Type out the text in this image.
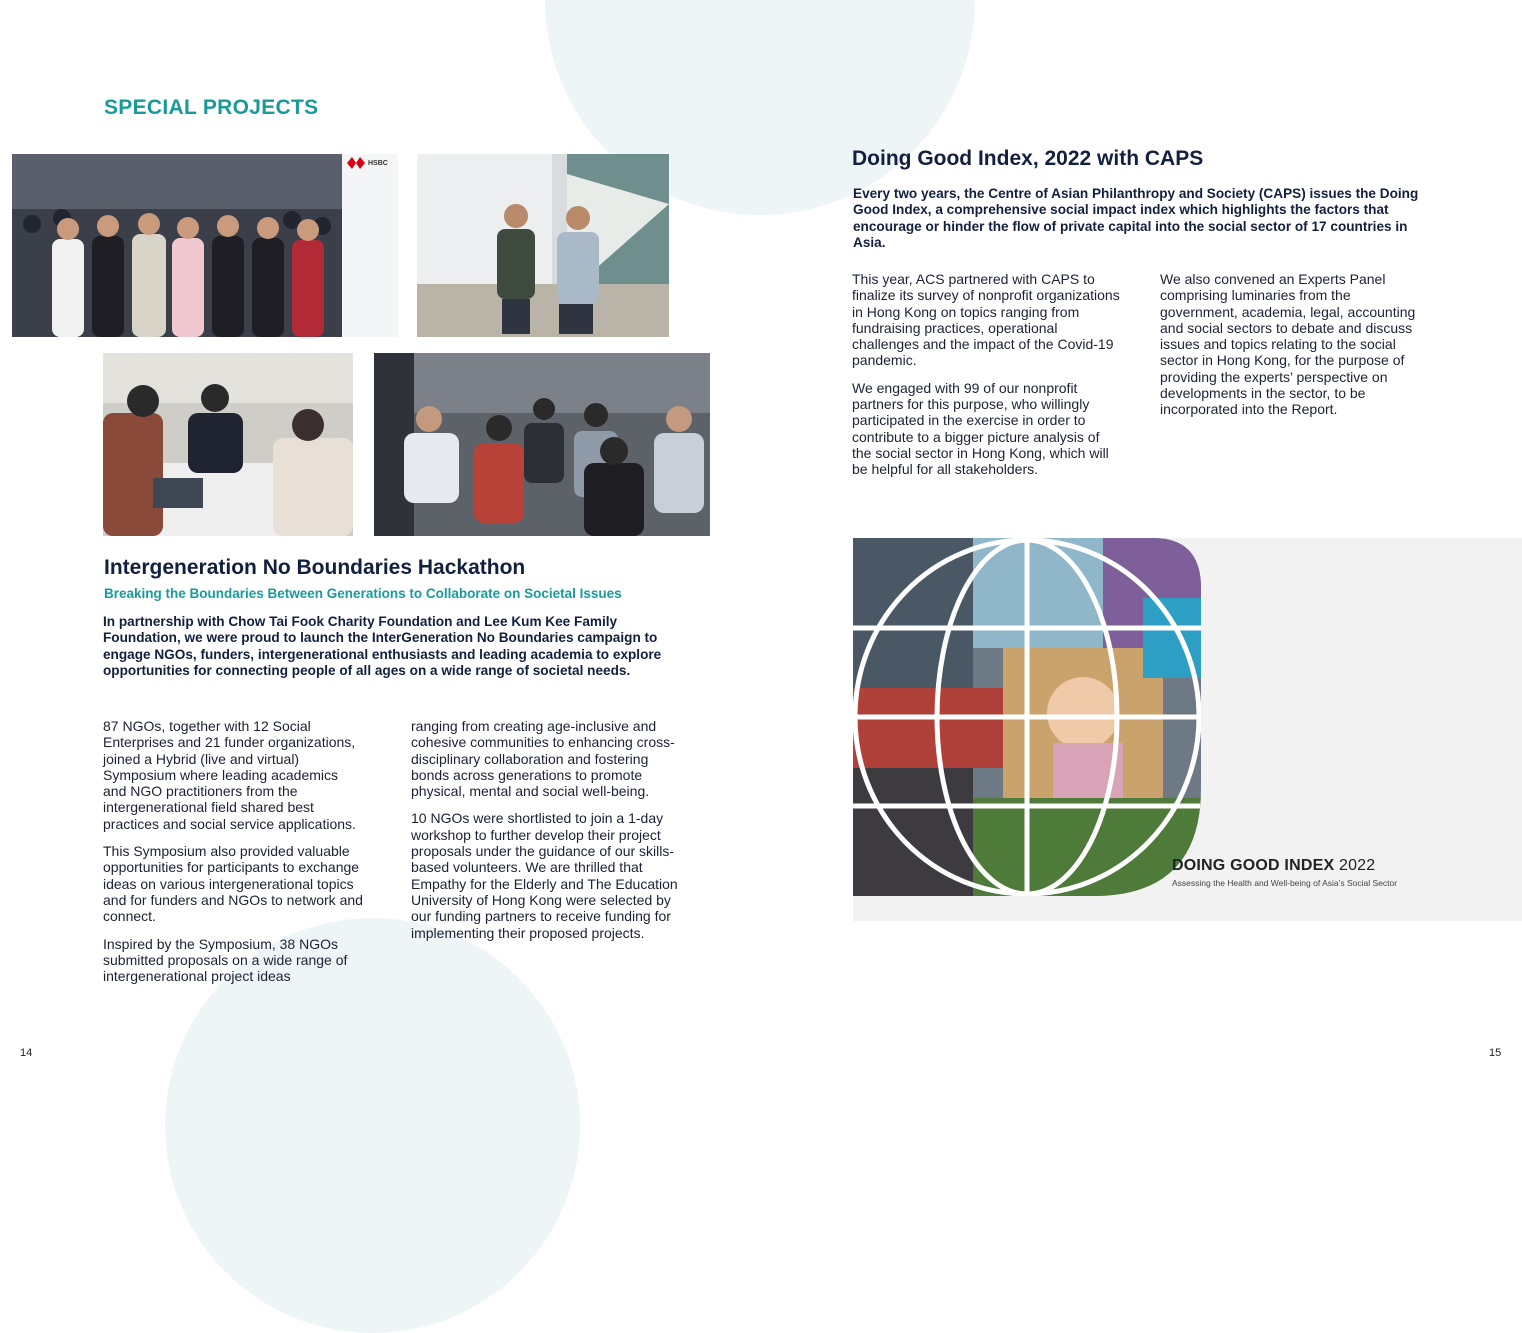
SPECIAL PROJECTS
HSBC
Intergeneration No Boundaries Hackathon

Breaking the Boundaries Between Generations to Collaborate on Societal Issues

In partnership with Chow Tai Fook Charity Foundation and Lee Kum Kee Family Foundation, we were proud to launch the InterGeneration No Boundaries campaign to engage NGOs, funders, intergenerational enthusiasts and leading academia to explore opportunities for connecting people of all ages on a wide range of societal needs.

87 NGOs, together with 12 Social Enterprises and 21 funder organizations, joined a Hybrid (live and virtual) Symposium where leading academics and NGO practitioners from the intergenerational field shared best practices and social service applications.

This Symposium also provided valuable opportunities for participants to exchange ideas on various intergenerational topics and for funders and NGOs to network and connect.

Inspired by the Symposium, 38 NGOs submitted proposals on a wide range of intergenerational project ideas

ranging from creating age-inclusive and cohesive communities to enhancing cross-disciplinary collaboration and fostering bonds across generations to promote physical, mental and social well-being.

10 NGOs were shortlisted to join a 1-day workshop to further develop their project proposals under the guidance of our skills-based volunteers. We are thrilled that Empathy for the Elderly and The Education University of Hong Kong were selected by our funding partners to receive funding for implementing their proposed projects.

14
Doing Good Index, 2022 with CAPS

Every two years, the Centre of Asian Philanthropy and Society (CAPS) issues the Doing Good Index, a comprehensive social impact index which highlights the factors that encourage or hinder the flow of private capital into the social sector of 17 countries in Asia.

This year, ACS partnered with CAPS to finalize its survey of nonprofit organizations in Hong Kong on topics ranging from fundraising practices, operational challenges and the impact of the Covid-19 pandemic.

We engaged with 99 of our nonprofit partners for this purpose, who willingly participated in the exercise in order to contribute to a bigger picture analysis of the social sector in Hong Kong, which will be helpful for all stakeholders.

We also convened an Experts Panel comprising luminaries from the government, academia, legal, accounting and social sectors to debate and discuss issues and topics relating to the social sector in Hong Kong, for the purpose of providing the experts’ perspective on developments in the sector, to be incorporated into the Report.

DOING GOOD INDEX 2022
Assessing the Health and Well-being of Asia’s Social Sector
15
